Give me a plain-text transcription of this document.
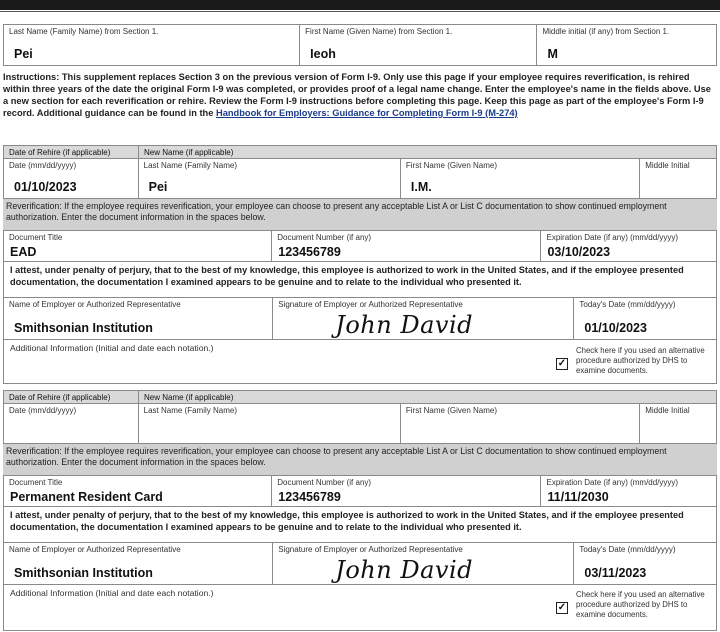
Last Name (Family Name) from Section 1.
Pei
First Name (Given Name) from Section 1.
Ieoh
Middle initial (if any) from Section 1.
M
Instructions: This supplement replaces Section 3 on the previous version of Form I-9. Only use this page if your employee requires reverification, is rehired within three years of the date the original Form I-9 was completed, or provides proof of a legal name change. Enter the employee's name in the fields above. Use a new section for each reverification or rehire. Review the Form I-9 instructions before completing this page. Keep this page as part of the employee's Form I-9 record. Additional guidance can be found in the Handbook for Employers: Guidance for Completing Form I-9 (M-274)
Date of Rehire (if applicable)	New Name (if applicable)
Date (mm/dd/yyyy)
01/10/2023
Last Name (Family Name)
Pei
First Name (Given Name)
I.M.
Middle Initial
Reverification: If the employee requires reverification, your employee can choose to present any acceptable List A or List C documentation to show continued employment authorization. Enter the document information in the spaces below.
Document Title
EAD
Document Number (if any)
123456789
Expiration Date (if any) (mm/dd/yyyy)
03/10/2023
I attest, under penalty of perjury, that to the best of my knowledge, this employee is authorized to work in the United States, and if the employee presented documentation, the documentation I examined appears to be genuine and to relate to the individual who presented it.
Name of Employer or Authorized Representative
Smithsonian Institution
Signature of Employer or Authorized Representative
John David
Today's Date (mm/dd/yyyy)
01/10/2023
Additional Information (Initial and date each notation.)
✓
Check here if you used an alternative procedure authorized by DHS to examine documents.
Date of Rehire (if applicable)	New Name (if applicable)
Date (mm/dd/yyyy)	Last Name (Family Name)	First Name (Given Name)	Middle Initial
Reverification: If the employee requires reverification, your employee can choose to present any acceptable List A or List C documentation to show continued employment authorization. Enter the document information in the spaces below.
Document Title
Permanent Resident Card
Document Number (if any)
123456789
Expiration Date (if any) (mm/dd/yyyy)
11/11/2030
I attest, under penalty of perjury, that to the best of my knowledge, this employee is authorized to work in the United States, and if the employee presented documentation, the documentation I examined appears to be genuine and to relate to the individual who presented it.
Name of Employer or Authorized Representative
Smithsonian Institution
Signature of Employer or Authorized Representative
John David
Today's Date (mm/dd/yyyy)
03/11/2023
Additional Information (Initial and date each notation.)
✓
Check here if you used an alternative procedure authorized by DHS to examine documents.
